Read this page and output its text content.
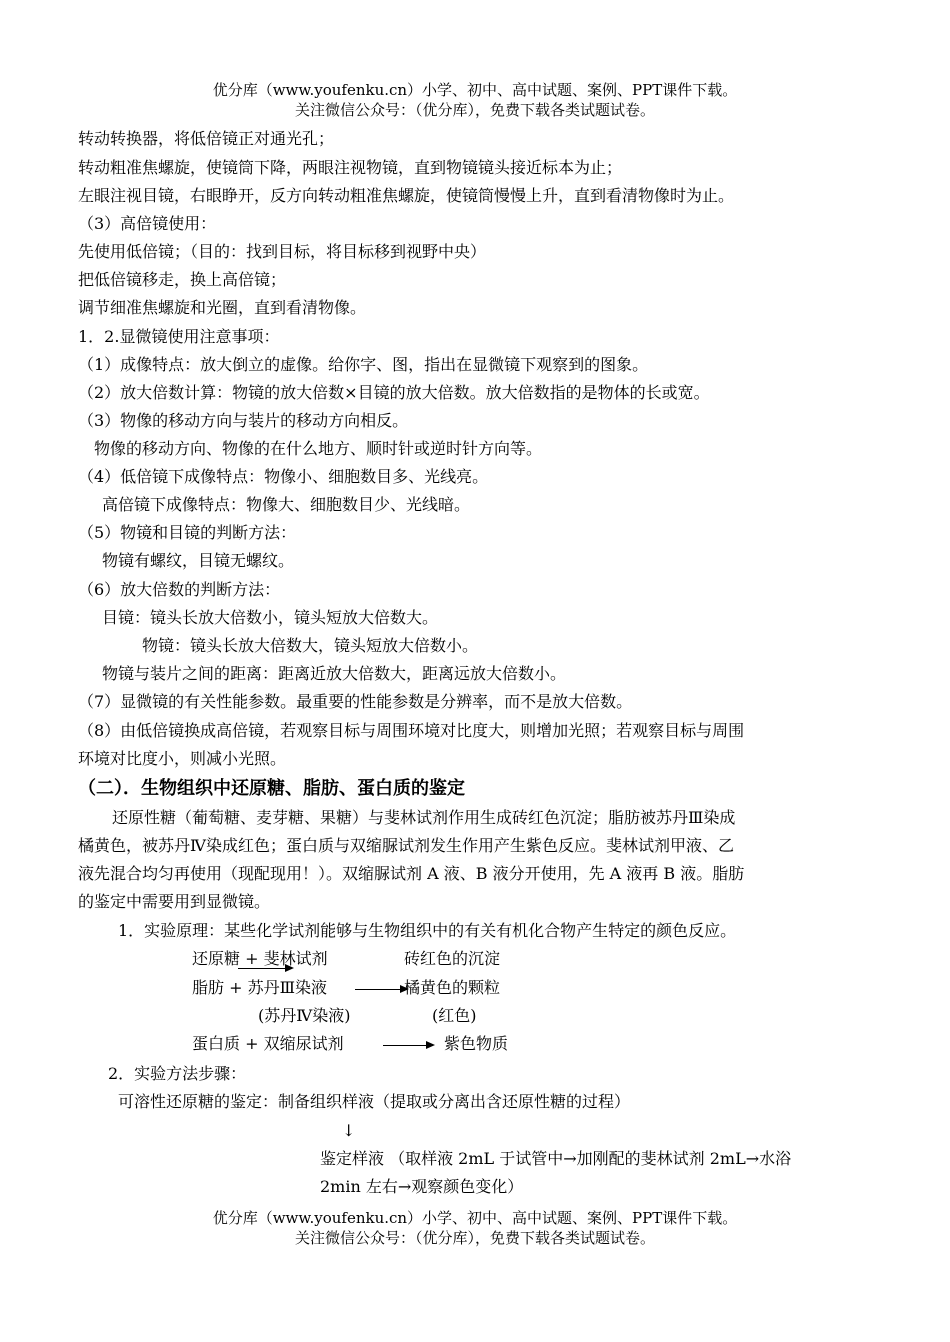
优分库（www.youfenku.cn）小学、初中、高中试题、案例、PPT课件下载。
关注微信公众号：（优分库），免费下载各类试题试卷。
转动转换器，将低倍镜正对通光孔；
转动粗准焦螺旋，使镜筒下降，两眼注视物镜，直到物镜镜头接近标本为止；
左眼注视目镜，右眼睁开，反方向转动粗准焦螺旋，使镜筒慢慢上升，直到看清物像时为止。
（3）高倍镜使用：
先使用低倍镜；（目的：找到目标，将目标移到视野中央）
把低倍镜移走，换上高倍镜；
调节细准焦螺旋和光圈，直到看清物像。
1．2.显微镜使用注意事项：
（1）成像特点：放大倒立的虚像。给你字、图，指出在显微镜下观察到的图象。
（2）放大倍数计算：物镜的放大倍数×目镜的放大倍数。放大倍数指的是物体的长或宽。
（3）物像的移动方向与装片的移动方向相反。
物像的移动方向、物像的在什么地方、顺时针或逆时针方向等。
（4）低倍镜下成像特点：物像小、细胞数目多、光线亮。
高倍镜下成像特点：物像大、细胞数目少、光线暗。
（5）物镜和目镜的判断方法：
物镜有螺纹，目镜无螺纹。
（6）放大倍数的判断方法：
目镜：镜头长放大倍数小，镜头短放大倍数大。
物镜：镜头长放大倍数大，镜头短放大倍数小。
物镜与装片之间的距离：距离近放大倍数大，距离远放大倍数小。
（7）显微镜的有关性能参数。最重要的性能参数是分辨率，而不是放大倍数。
（8）由低倍镜换成高倍镜，若观察目标与周围环境对比度大，则增加光照；若观察目标与周围
环境对比度小，则减小光照。
（二）．生物组织中还原糖、脂肪、蛋白质的鉴定
还原性糖（葡萄糖、麦芽糖、果糖）与斐林试剂作用生成砖红色沉淀；脂肪被苏丹Ⅲ染成
橘黄色，被苏丹Ⅳ染成红色；蛋白质与双缩脲试剂发生作用产生紫色反应。斐林试剂甲液、乙
液先混合均匀再使用（现配现用！）。双缩脲试剂 A 液、B 液分开使用，先 A 液再 B 液。脂肪
的鉴定中需要用到显微镜。
1．实验原理：某些化学试剂能够与生物组织中的有关有机化合物产生特定的颜色反应。
还原糖 + 斐林试剂	砖红色的沉淀
脂肪 + 苏丹Ⅲ染液	橘黄色的颗粒
(苏丹Ⅳ染液)	(红色)
蛋白质 + 双缩尿试剂 → 紫色物质
2．实验方法步骤：
可溶性还原糖的鉴定：制备组织样液（提取或分离出含还原性糖的过程）
↓
鉴定样液 （取样液 2mL 于试管中→加刚配的斐林试剂 2mL→水浴
2min 左右→观察颜色变化）
优分库（www.youfenku.cn）小学、初中、高中试题、案例、PPT课件下载。
关注微信公众号：（优分库），免费下载各类试题试卷。
